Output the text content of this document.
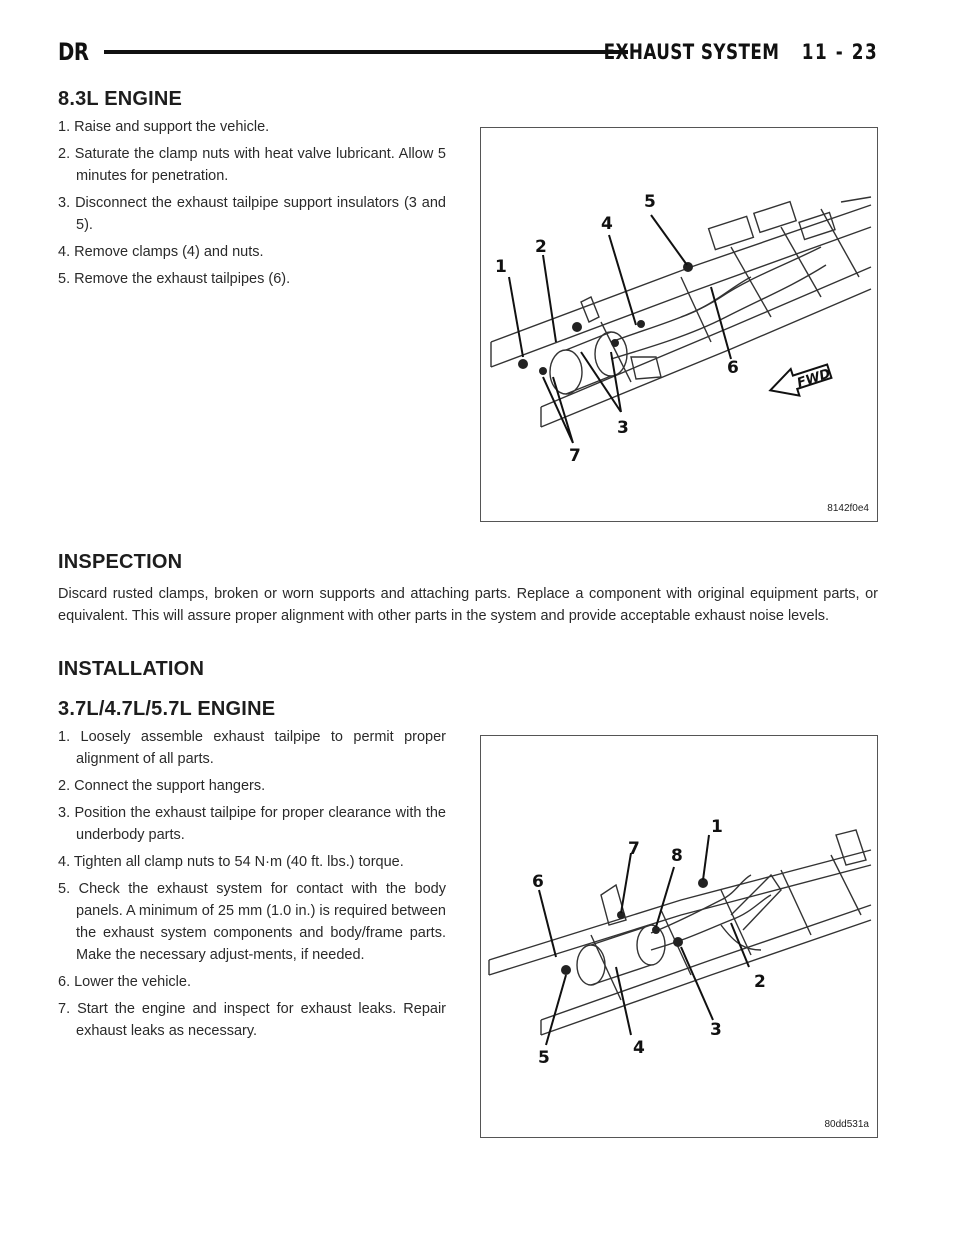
DR	EXHAUST SYSTEM 11 - 23
8.3L ENGINE
1. Raise and support the vehicle.
2. Saturate the clamp nuts with heat valve lubricant. Allow 5 minutes for penetration.
3. Disconnect the exhaust tailpipe support insulators (3 and 5).
4. Remove clamps (4) and nuts.
5. Remove the exhaust tailpipes (6).
FWD
1
2
3
4
5
6
7
8142f0e4
INSPECTION

Discard rusted clamps, broken or worn supports and attaching parts. Replace a component with original equipment parts, or equivalent. This will assure proper alignment with other parts in the system and provide acceptable exhaust noise levels.

INSTALLATION
3.7L/4.7L/5.7L ENGINE
1. Loosely assemble exhaust tailpipe to permit proper alignment of all parts.
2. Connect the support hangers.
3. Position the exhaust tailpipe for proper clearance with the underbody parts.
4. Tighten all clamp nuts to 54 N·m (40 ft. lbs.) torque.
5. Check the exhaust system for contact with the body panels. A minimum of 25 mm (1.0 in.) is required between the exhaust system components and body/frame parts. Make the necessary adjust-ments, if needed.
6. Lower the vehicle.
7. Start the engine and inspect for exhaust leaks. Repair exhaust leaks as necessary.
1
2
3
4
5
6
7 8
80dd531a
